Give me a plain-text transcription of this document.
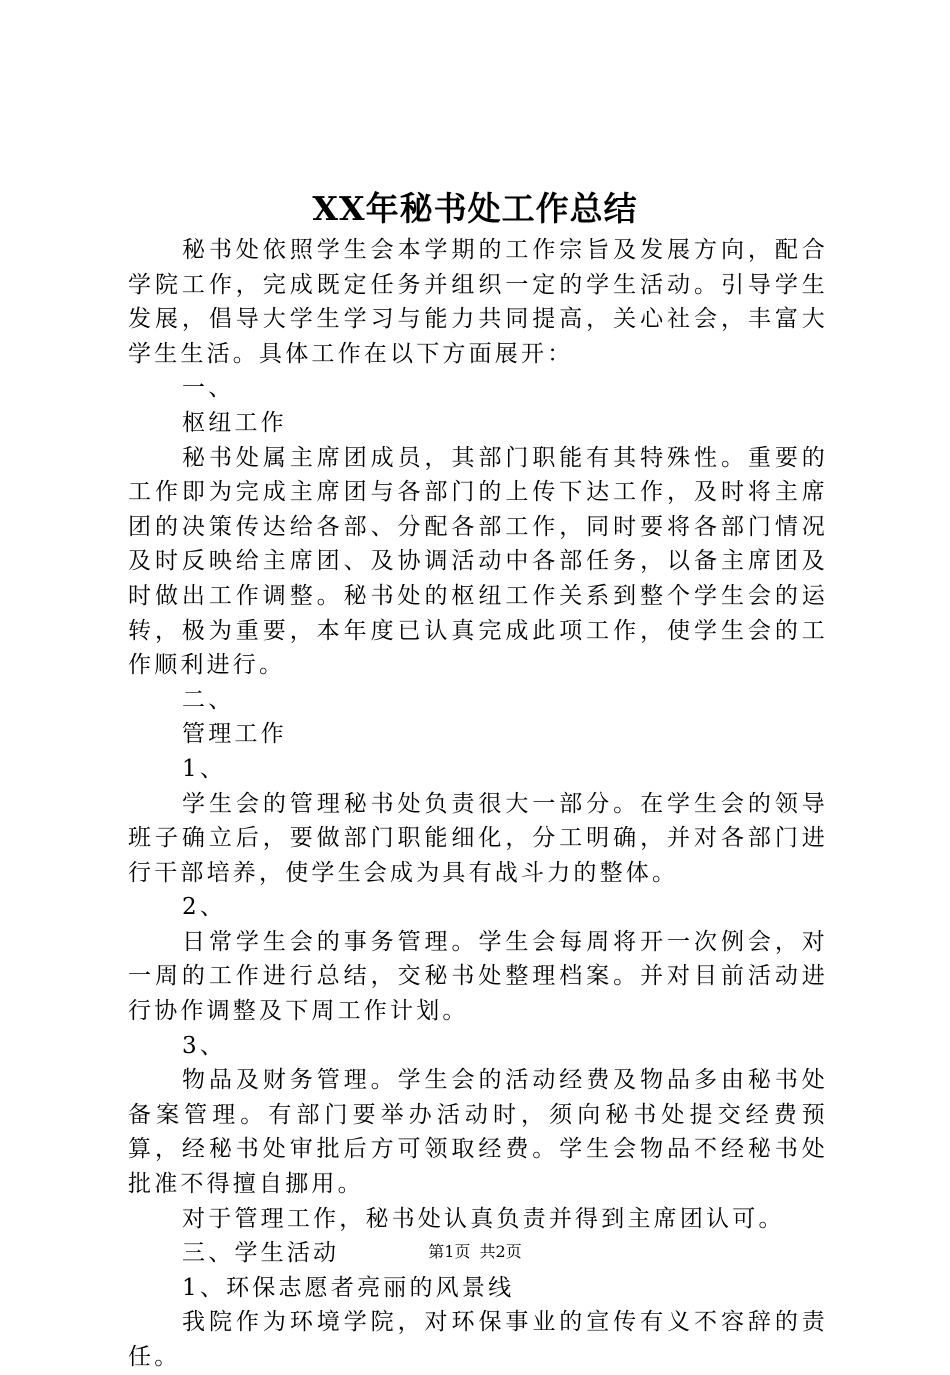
XX年秘书处工作总结

秘书处依照学生会本学期的工作宗旨及发展方向，配合学院工作，完成既定任务并组织一定的学生活动。引导学生发展，倡导大学生学习与能力共同提高，关心社会，丰富大学生生活。具体工作在以下方面展开：

一、

枢纽工作

秘书处属主席团成员，其部门职能有其特殊性。重要的工作即为完成主席团与各部门的上传下达工作，及时将主席团的决策传达给各部、分配各部工作，同时要将各部门情况及时反映给主席团、及协调活动中各部任务，以备主席团及时做出工作调整。秘书处的枢纽工作关系到整个学生会的运转，极为重要，本年度已认真完成此项工作，使学生会的工作顺利进行。

二、

管理工作

1、

学生会的管理秘书处负责很大一部分。在学生会的领导班子确立后，要做部门职能细化，分工明确，并对各部门进行干部培养，使学生会成为具有战斗力的整体。

2、

日常学生会的事务管理。学生会每周将开一次例会，对一周的工作进行总结，交秘书处整理档案。并对目前活动进行协作调整及下周工作计划。

3、

物品及财务管理。学生会的活动经费及物品多由秘书处备案管理。有部门要举办活动时，须向秘书处提交经费预算，经秘书处审批后方可领取经费。学生会物品不经秘书处批准不得擅自挪用。

对于管理工作，秘书处认真负责并得到主席团认可。

三、学生活动

1、环保志愿者亮丽的风景线

我院作为环境学院，对环保事业的宣传有义不容辞的责任。

第1页 共2页
